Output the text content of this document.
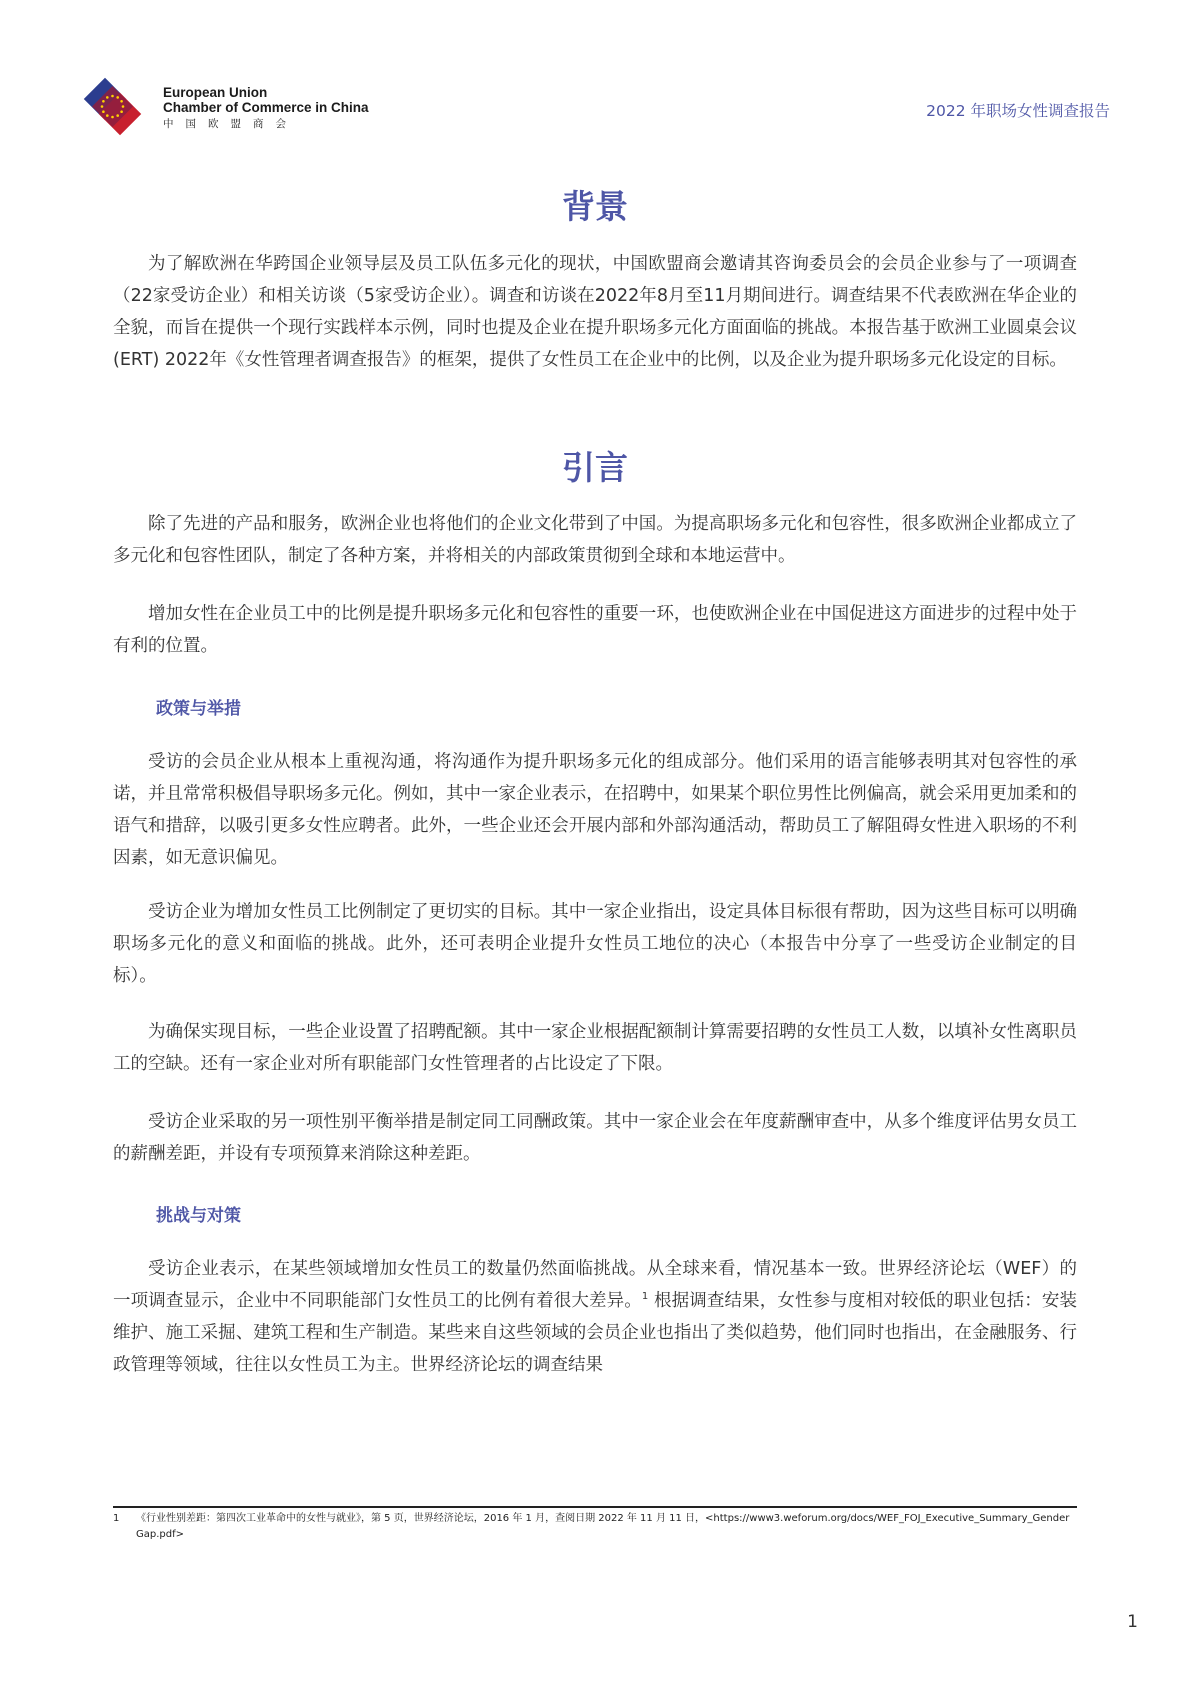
European Union
Chamber of Commerce in China
中国欧盟商会
2022 年职场女性调查报告
背景

为了解欧洲在华跨国企业领导层及员工队伍多元化的现状，中国欧盟商会邀请其咨询委员会的会员企业参与了一项调查（22家受访企业）和相关访谈（5家受访企业）。调查和访谈在2022年8月至11月期间进行。调查结果不代表欧洲在华企业的全貌，而旨在提供一个现行实践样本示例，同时也提及企业在提升职场多元化方面面临的挑战。本报告基于欧洲工业圆桌会议 (ERT) 2022年《女性管理者调查报告》的框架，提供了女性员工在企业中的比例，以及企业为提升职场多元化设定的目标。

引言

除了先进的产品和服务，欧洲企业也将他们的企业文化带到了中国。为提高职场多元化和包容性，很多欧洲企业都成立了多元化和包容性团队，制定了各种方案，并将相关的内部政策贯彻到全球和本地运营中。

增加女性在企业员工中的比例是提升职场多元化和包容性的重要一环，也使欧洲企业在中国促进这方面进步的过程中处于有利的位置。

政策与举措

受访的会员企业从根本上重视沟通，将沟通作为提升职场多元化的组成部分。他们采用的语言能够表明其对包容性的承诺，并且常常积极倡导职场多元化。例如，其中一家企业表示，在招聘中，如果某个职位男性比例偏高，就会采用更加柔和的语气和措辞，以吸引更多女性应聘者。此外，一些企业还会开展内部和外部沟通活动，帮助员工了解阻碍女性进入职场的不利因素，如无意识偏见。

受访企业为增加女性员工比例制定了更切实的目标。其中一家企业指出，设定具体目标很有帮助，因为这些目标可以明确职场多元化的意义和面临的挑战。此外，还可表明企业提升女性员工地位的决心（本报告中分享了一些受访企业制定的目标）。

为确保实现目标，一些企业设置了招聘配额。其中一家企业根据配额制计算需要招聘的女性员工人数，以填补女性离职员工的空缺。还有一家企业对所有职能部门女性管理者的占比设定了下限。

受访企业采取的另一项性别平衡举措是制定同工同酬政策。其中一家企业会在年度薪酬审查中，从多个维度评估男女员工的薪酬差距，并设有专项预算来消除这种差距。

挑战与对策

受访企业表示，在某些领域增加女性员工的数量仍然面临挑战。从全球来看，情况基本一致。世界经济论坛（WEF）的一项调查显示，企业中不同职能部门女性员工的比例有着很大差异。$^1$ 根据调查结果，女性参与度相对较低的职业包括：安装维护、施工采掘、建筑工程和生产制造。某些来自这些领域的会员企业也指出了类似趋势，他们同时也指出，在金融服务、行政管理等领域，往往以女性员工为主。世界经济论坛的调查结果

1 《行业性别差距：第四次工业革命中的女性与就业》，第 5 页，世界经济论坛，2016 年 1 月，查阅日期 2022 年 11 月 11 日，<https://www3.weforum.org/docs/WEF_FOJ_Executive_Summary_GenderGap.pdf>
1
